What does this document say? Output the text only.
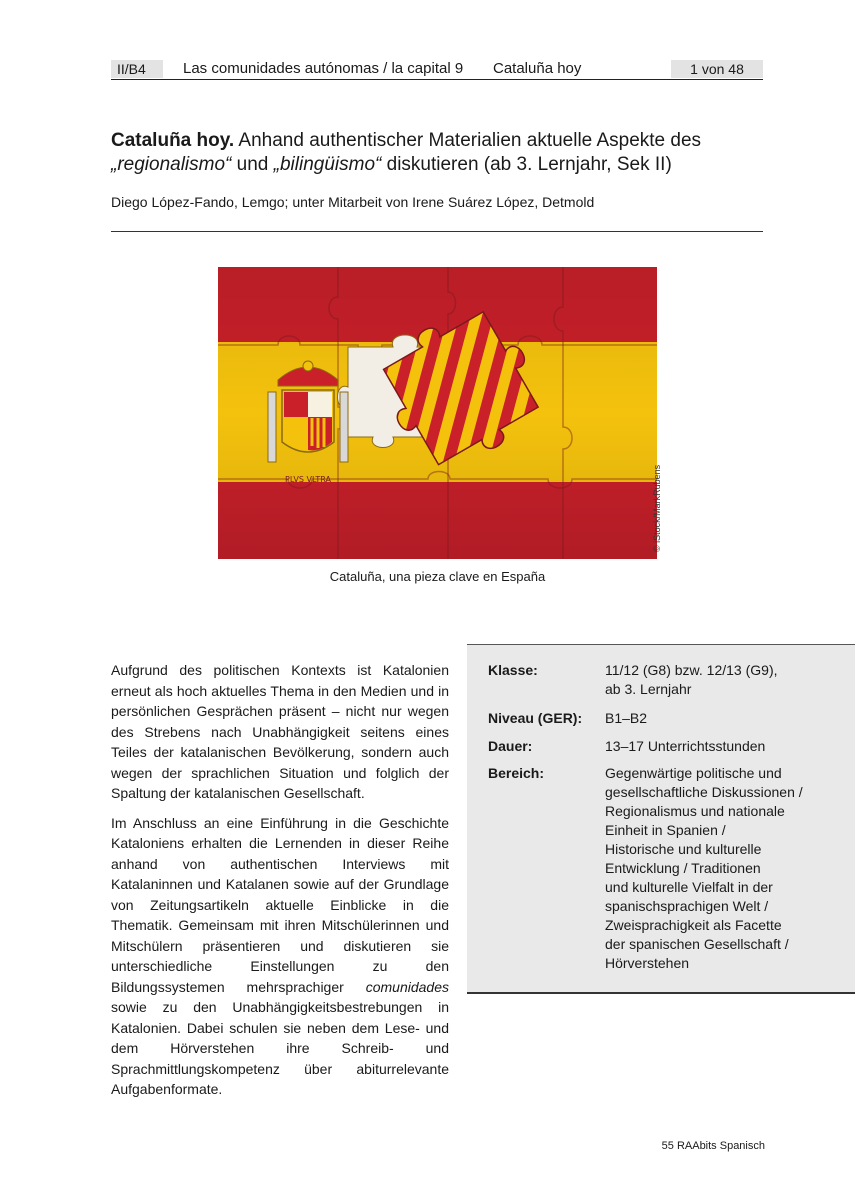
II/B4	Las comunidades autónomas / la capital 9 Cataluña hoy	1 von 48
Cataluña hoy. Anhand authentischer Materialien aktuelle Aspekte des
„regionalismo“ und „bilingüismo“ diskutieren (ab 3. Lernjahr, Sek II)
Diego López-Fando, Lemgo; unter Mitarbeit von Irene Suárez López, Detmold
PLVS VLTRA	© iStock/MarkRubens
Cataluña, una pieza clave en España

Aufgrund des politischen Kontexts ist Katalonien erneut als hoch aktuelles Thema in den Medien und in persönlichen Gesprächen präsent – nicht nur wegen des Strebens nach Unabhängigkeit seitens eines Teiles der katalanischen Bevölkerung, sondern auch wegen der sprachlichen Situation und folglich der Spaltung der katalanischen Gesellschaft.

Im Anschluss an eine Einführung in die Geschichte Kataloniens erhalten die Lernenden in dieser Reihe anhand von authentischen Interviews mit Katalaninnen und Katalanen sowie auf der Grundlage von Zeitungsartikeln aktuelle Einblicke in die Thematik. Gemeinsam mit ihren Mitschülerinnen und Mitschülern präsentieren und diskutieren sie unterschiedliche Einstellungen zu den Bildungssystemen mehrsprachiger comunidades sowie zu den Unabhängigkeitsbestrebungen in Katalonien. Dabei schulen sie neben dem Lese- und dem Hörverstehen ihre Schreib- und Sprachmittlungskompetenz über abiturrelevante Aufgabenformate.

Klasse:	11/12 (G8) bzw. 12/13 (G9),
ab 3. Lernjahr
Niveau (GER):	B1–B2
Dauer:	13–17 Unterrichtsstunden
Bereich:	Gegenwärtige politische und
gesellschaftliche Diskussionen /
Regionalismus und nationale
Einheit in Spanien /
Historische und kulturelle
Entwicklung / Traditionen
und kulturelle Vielfalt in der
spanischsprachigen Welt /
Zweisprachigkeit als Facette
der spanischen Gesellschaft /
Hörverstehen
55 RAAbits Spanisch
